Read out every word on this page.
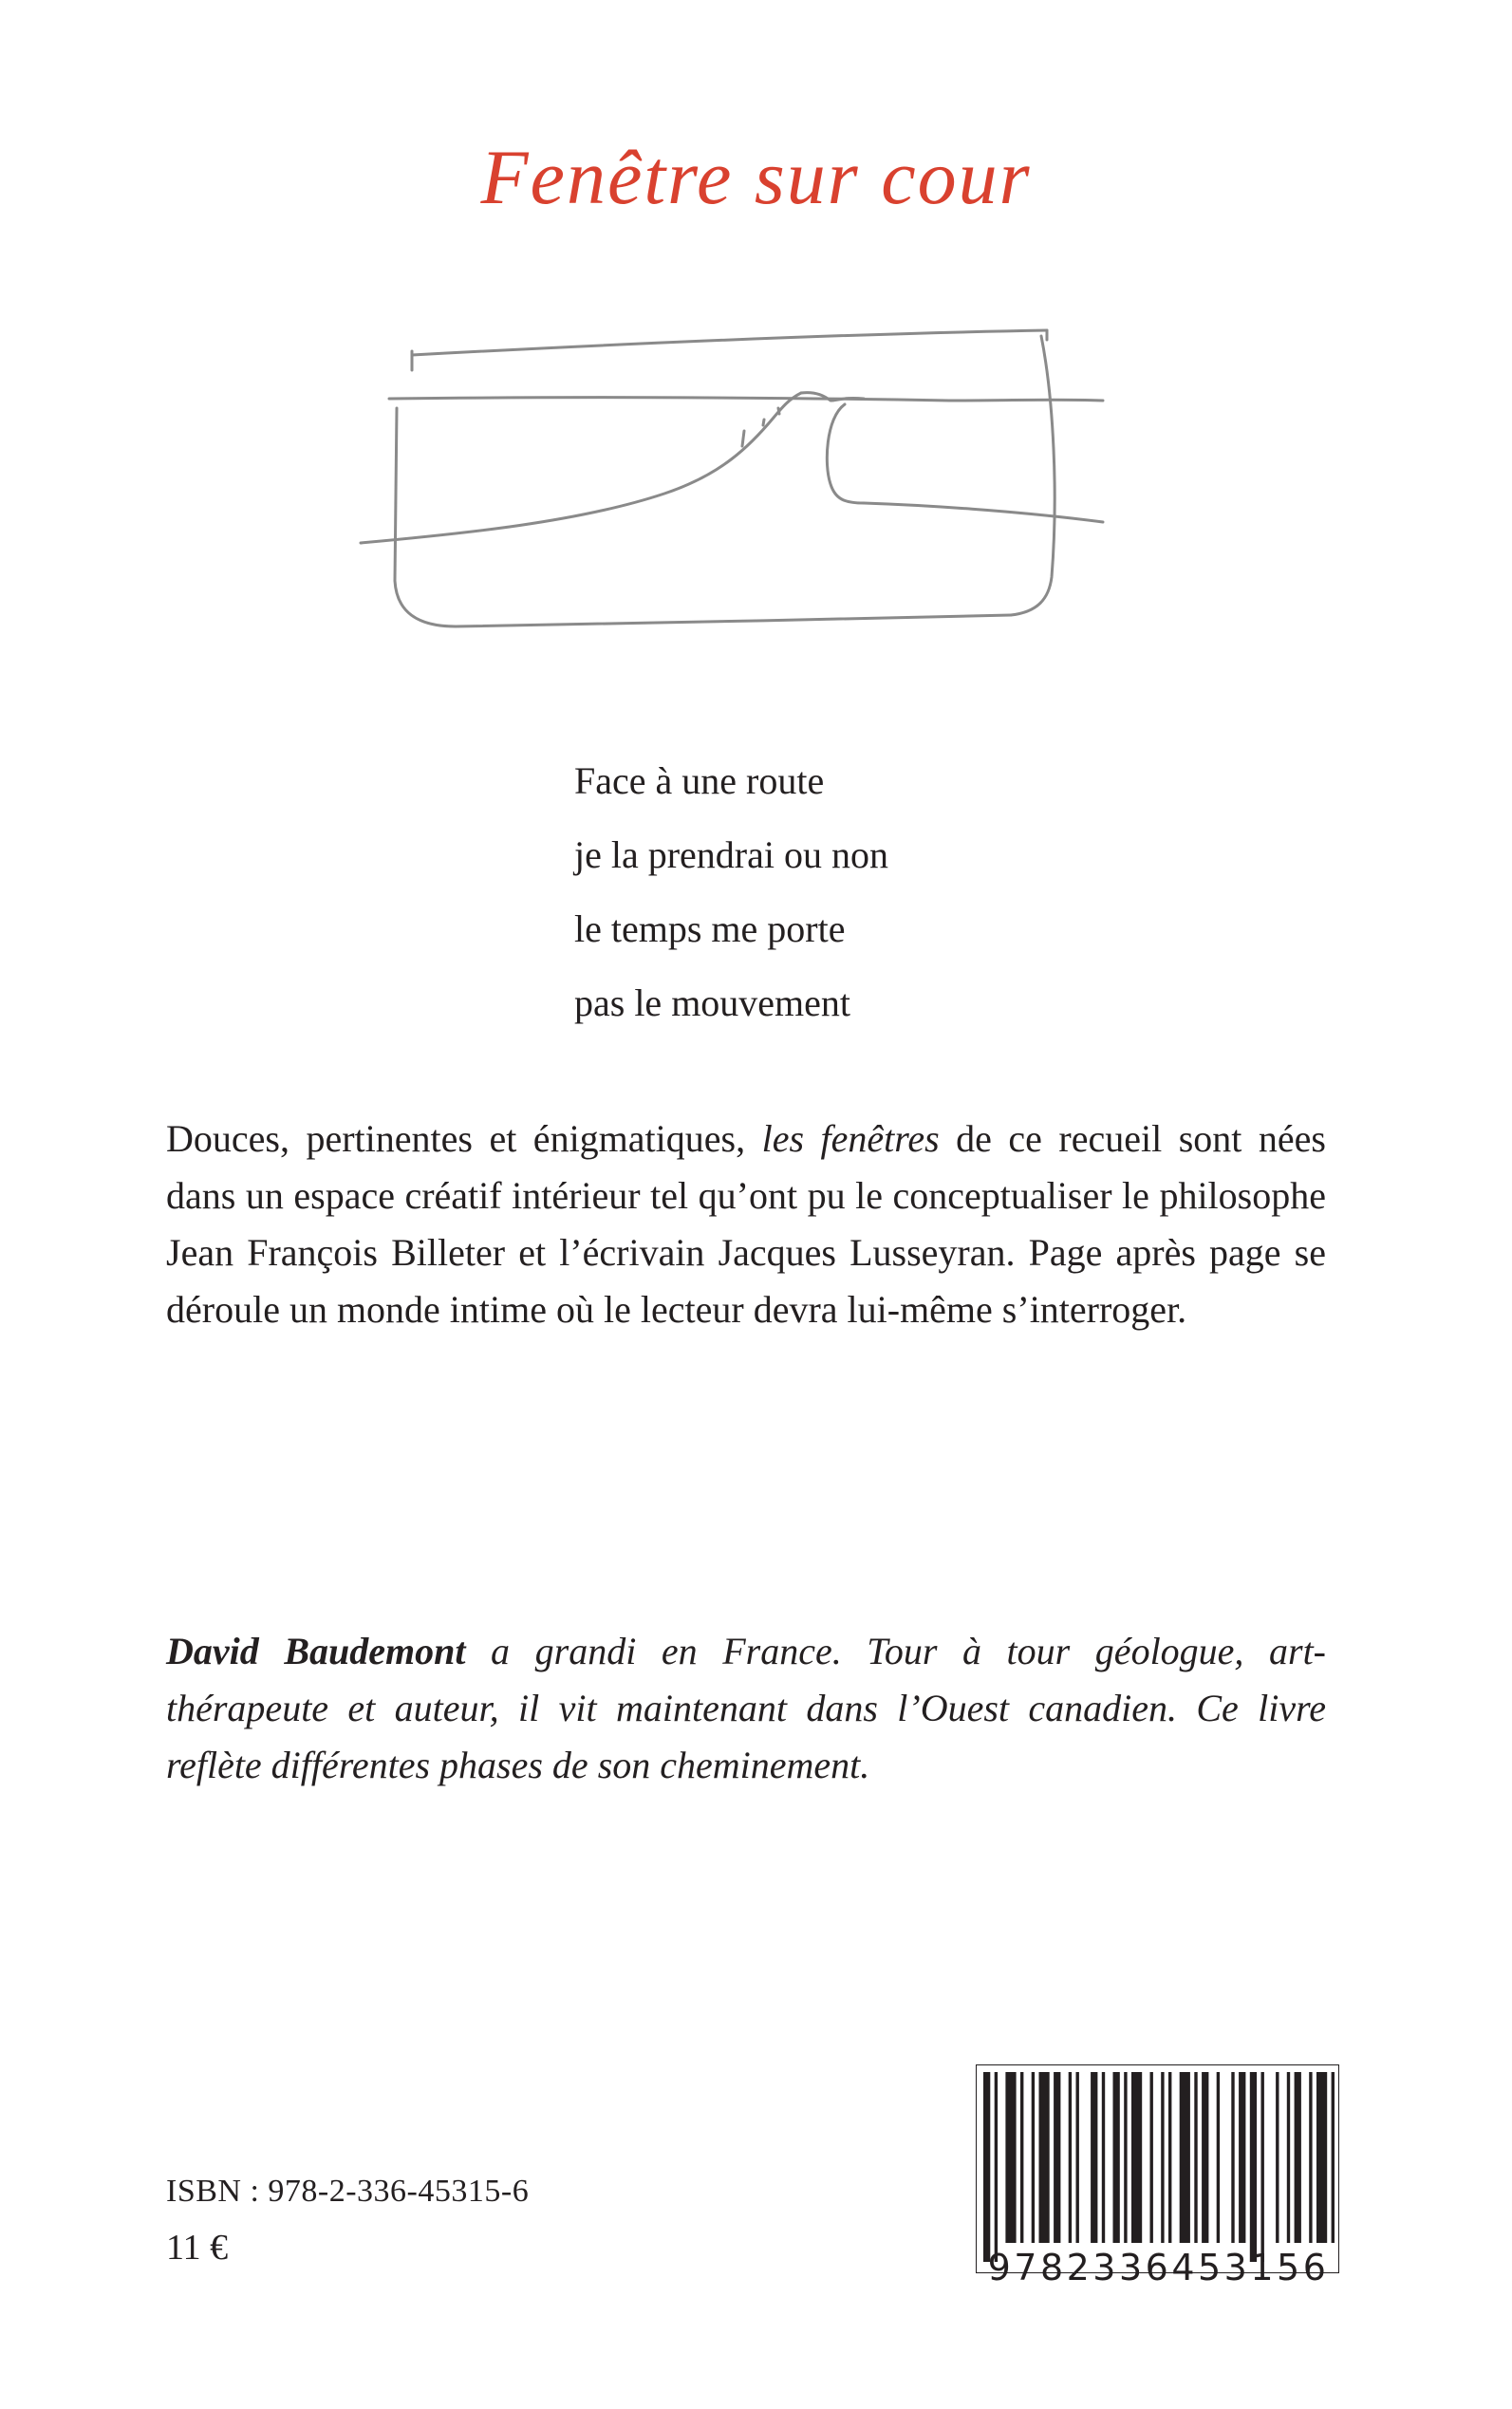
Fenêtre sur cour
Face à une route
je la prendrai ou non
le temps me porte
pas le mouvement

Douces, pertinentes et énigmatiques, les fenêtres de ce recueil sont nées dans un espace créatif intérieur tel qu’ont pu le conceptualiser le philosophe Jean François Billeter et l’écrivain Jacques Lusseyran. Page après page se déroule un monde intime où le lecteur devra lui-même s’interroger.

David Baudemont a grandi en France. Tour à tour géologue, art-thérapeute et auteur, il vit maintenant dans l’Ouest canadien. Ce livre reflète différentes phases de son cheminement.

ISBN : 978-2-336-45315-6
11 €	9782336453156
